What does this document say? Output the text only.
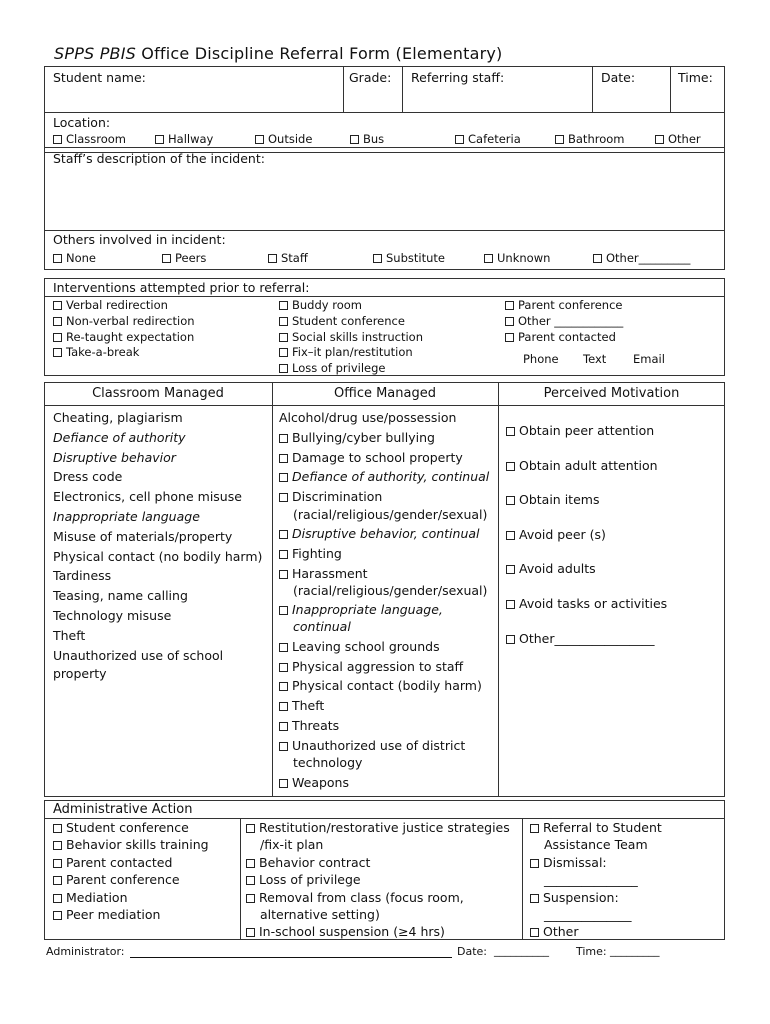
SPPS PBIS Office Discipline Referral Form (Elementary)
Student name:	Grade: Referring staff:	Date:	Time:
Location:
Classroom	Hallway	Outside	Bus	Cafeteria	Bathroom	Other
Staff’s description of the incident:
Others involved in incident:
None	Peers	Staff	Substitute	Unknown	Other_________
Interventions attempted prior to referral:
Verbal redirection
Non-verbal redirection
Re-taught expectation
Take-a-break
Buddy room
Student conference
Social skills instruction
Fix–it plan/restitution
Loss of privilege
Parent conference
Other ____________
Parent contacted
Phone Text Email
Classroom Managed	Office Managed	Perceived Motivation
Cheating, plagiarism
Defiance of authority
Disruptive behavior
Dress code
Electronics, cell phone misuse
Inappropriate language
Misuse of materials/property
Physical contact (no bodily harm)
Tardiness
Teasing, name calling
Technology misuse
Theft
Unauthorized use of school property
Alcohol/drug use/possession
Bullying/cyber bullying
Damage to school property
Defiance of authority, continual
Discrimination (racial/religious/gender/sexual)
Disruptive behavior, continual
Fighting
Harassment (racial/religious/gender/sexual)
Inappropriate language, continual
Leaving school grounds
Physical aggression to staff
Physical contact (bodily harm)
Theft
Threats
Unauthorized use of district technology
Weapons
Obtain peer attention
Obtain adult attention
Obtain items
Avoid peer (s)
Avoid adults
Avoid tasks or activities
Other________________
Administrative Action
Student conference
Behavior skills training
Parent contacted
Parent conference
Mediation
Peer mediation
Restitution/restorative justice strategies /fix-it plan
Behavior contract
Loss of privilege
Removal from class (focus room, alternative setting)
In-school suspension (≥4 hrs)
Referral to Student Assistance Team
Dismissal: _______________
Suspension: ______________
Other
Administrator:	Date: __________ Time: _________
